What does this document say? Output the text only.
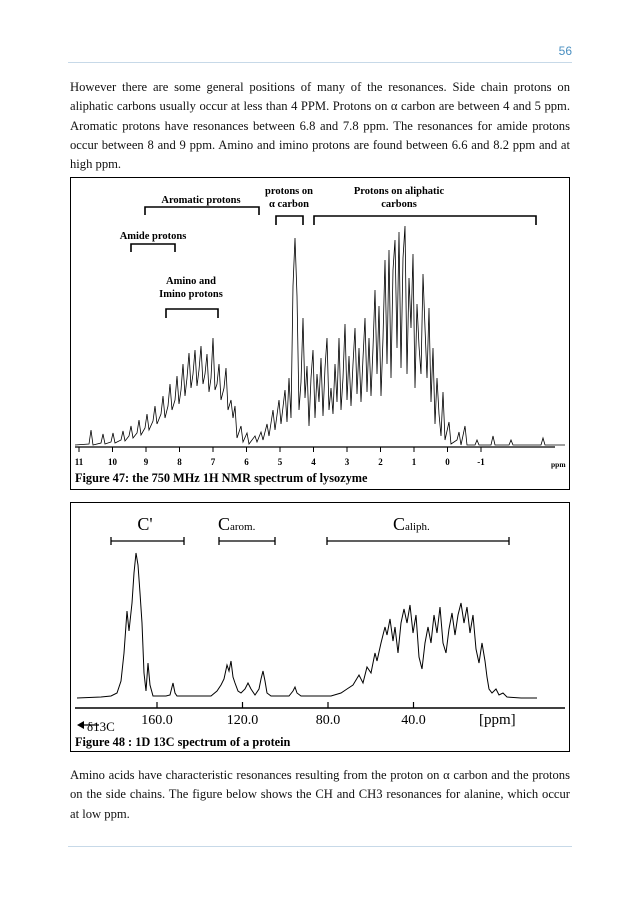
56

However there are some general positions of many of the resonances. Side chain protons on aliphatic carbons usually occur at less than 4 PPM. Protons on α carbon are between 4 and 5 ppm. Aromatic protons have resonances between 6.8 and 7.8 ppm. The resonances for amide protons occur between 8 and 9 ppm. Amino and imino protons are found between 6.6 and 8.2 ppm and at high ppm.

Aromatic protons
protons on
α carbon
Protons on aliphatic
carbons
Amide protons
Amino and
Imino protons
11	10	9	8	7	6	5	4	3	2	1	0	-1	ppm
Figure 47: the 750 MHz 1H NMR spectrum of lysozyme
C'	Carom.	Caliph.
160.0	120.0	80.0	40.0
δ13C	[ppm]
Figure 48 : 1D 13C spectrum of a protein

Amino acids have characteristic resonances resulting from the proton on α carbon and the protons on the side chains. The figure below shows the CH and CH3 resonances for alanine, which occur at low ppm.
